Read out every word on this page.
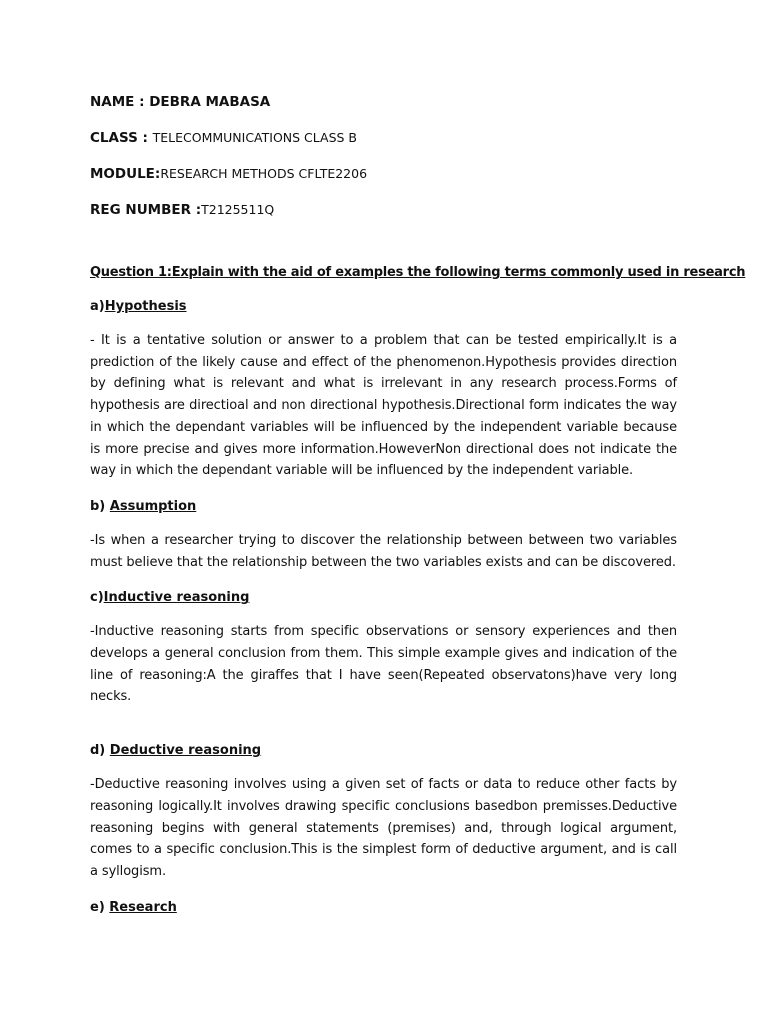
NAME : DEBRA MABASA
CLASS : TELECOMMUNICATIONS CLASS B
MODULE:RESEARCH METHODS CFLTE2206
REG NUMBER :T2125511Q
Question 1:Explain with the aid of examples the following terms commonly used in research
a)Hypothesis

- It is a tentative solution or answer to a problem that can be tested empirically.It is a prediction of the likely cause and effect of the phenomenon.Hypothesis provides direction by defining what is relevant and what is irrelevant in any research process.Forms of hypothesis are directioal and non directional hypothesis.Directional form indicates the way in which the dependant variables will be influenced by the independent variable because is more precise and gives more information.HoweverNon directional does not indicate the way in which the dependant variable will be influenced by the independent variable.

b) Assumption

-Is when a researcher trying to discover the relationship between between two variables must believe that the relationship between the two variables exists and can be discovered.

c)Inductive reasoning

-Inductive reasoning starts from specific observations or sensory experiences and then develops a general conclusion from them. This simple example gives and indication of the line of reasoning:A the giraffes that I have seen(Repeated observatons)have very long necks.

d) Deductive reasoning

-Deductive reasoning involves using a given set of facts or data to reduce other facts by reasoning logically.It involves drawing specific conclusions basedbon premisses.Deductive reasoning begins with general statements (premises) and, through logical argument, comes to a specific conclusion.This is the simplest form of deductive argument, and is call a syllogism.

e) Research
